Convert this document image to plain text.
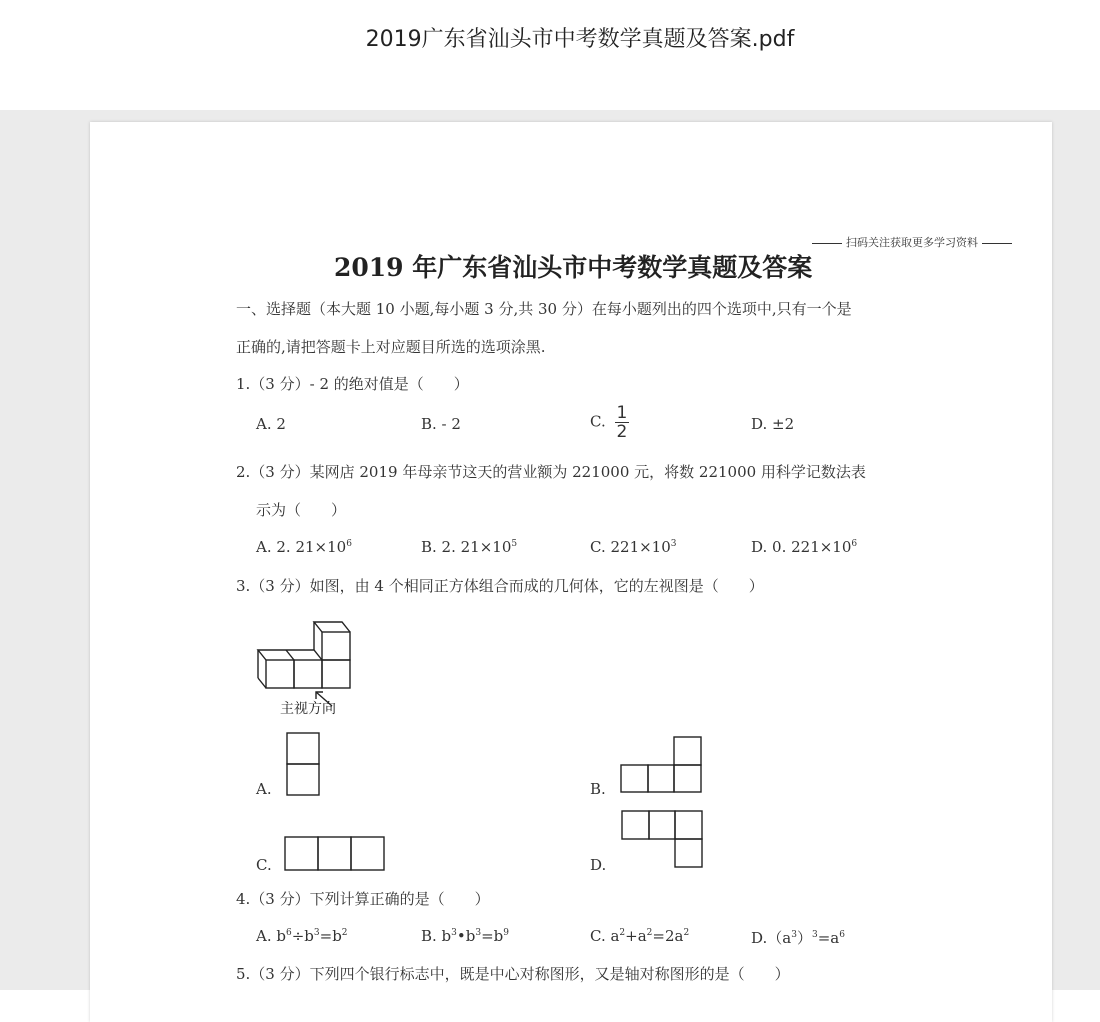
2019广东省汕头市中考数学真题及答案.pdf
扫码关注获取更多学习资料
2019 年广东省汕头市中考数学真题及答案
一、选择题（本大题 10 小题,每小题 3 分,共 30 分）在每小题列出的四个选项中,只有一个是
正确的,请把答题卡上对应题目所选的选项涂黑.
1.（3 分）- 2 的绝对值是（　　）
A. 2	B. - 2	C. $\frac{1}{2}$	D. ±2
2.（3 分）某网店 2019 年母亲节这天的营业额为 221000 元，将数 221000 用科学记数法表
示为（　　）
A. 2. $21\times 10^6$	B. 2. $21\times 10^5$	C. $221\times 10^3$	D. 0. $221\times 10^6$
3.（3 分）如图，由 4 个相同正方体组合而成的几何体，它的左视图是（　　）
主视方向
A.	B.
C.	D.
4.（3 分）下列计算正确的是（　　）
A. $b^6\div b^3=b^2$	B. $b^3•b^3=b^9$	C. $a^2+a^2=2a^2$	$D.(a^3)^3=a^6$
5.（3 分）下列四个银行标志中，既是中心对称图形，又是轴对称图形的是（　　）
